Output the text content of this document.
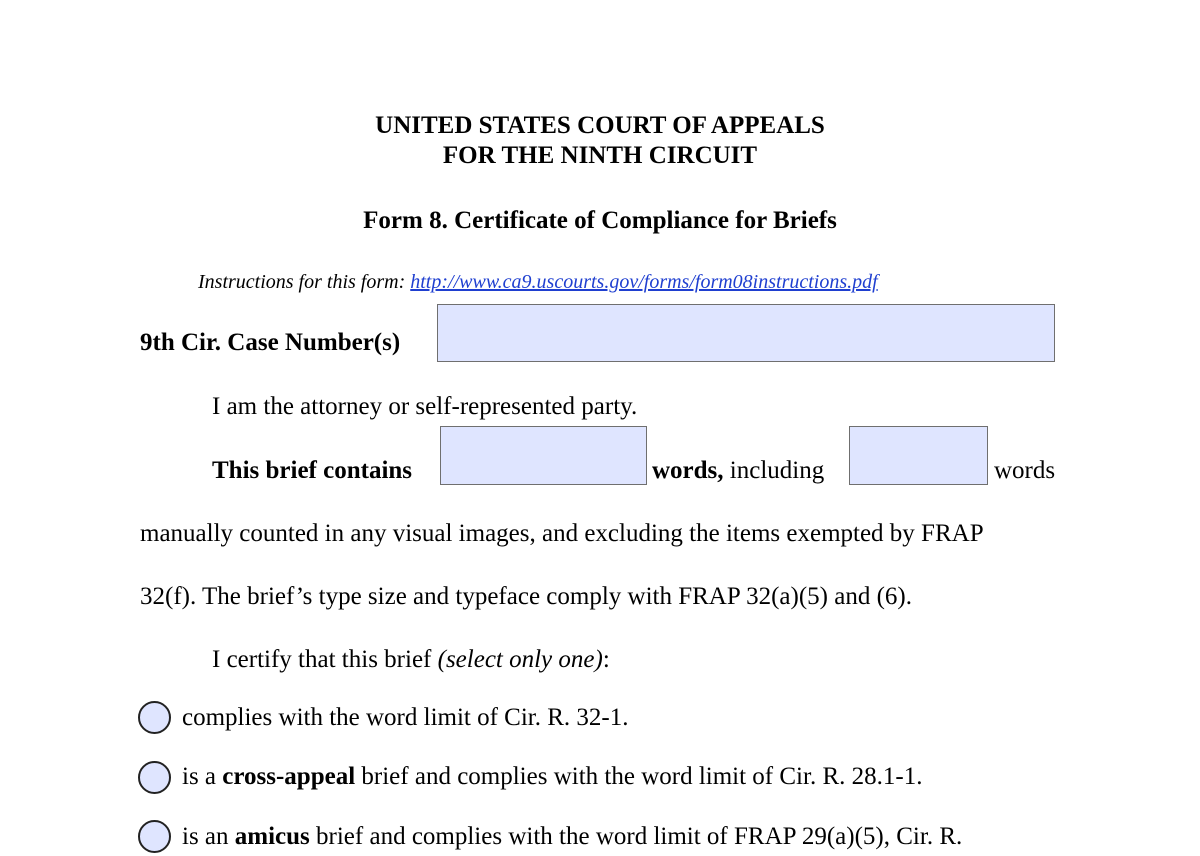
UNITED STATES COURT OF APPEALS
FOR THE NINTH CIRCUIT
Form 8. Certificate of Compliance for Briefs
Instructions for this form: http://www.ca9.uscourts.gov/forms/form08instructions.pdf
9th Cir. Case Number(s)
I am the attorney or self-represented party.
This brief contains	words, including	words
manually counted in any visual images, and excluding the items exempted by FRAP
32(f). The brief’s type size and typeface comply with FRAP 32(a)(5) and (6).
I certify that this brief (select only one):
complies with the word limit of Cir. R. 32-1.
is a cross-appeal brief and complies with the word limit of Cir. R. 28.1-1.
is an amicus brief and complies with the word limit of FRAP 29(a)(5), Cir. R.
